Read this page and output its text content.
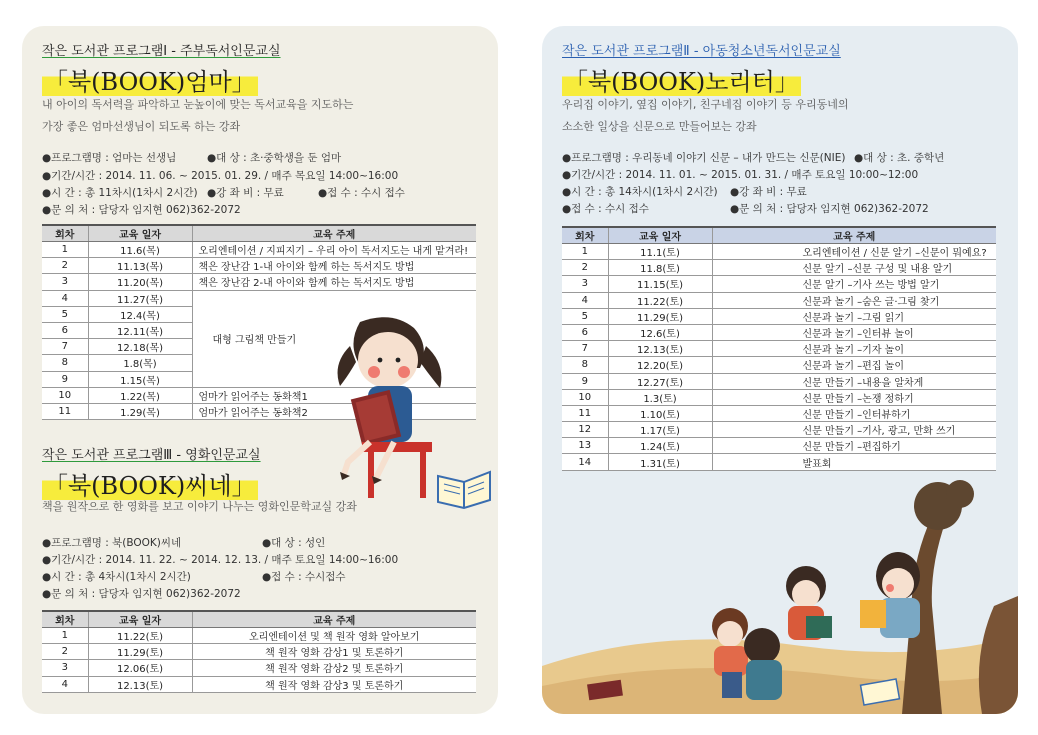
작은 도서관 프로그램Ⅰ - 주부독서인문교실
「북(BOOK)엄마」
내 아이의 독서력을 파악하고 눈높이에 맞는 독서교육을 지도하는
가장 좋은 엄마선생님이 되도록 하는 강좌
●프로그램명 : 엄마는 선생님	●대 상 : 초·중학생을 둔 엄마
●기간/시간 : 2014. 11. 06. ~ 2015. 01. 29. / 매주 목요일 14:00~16:00
●시 간 : 총 11차시(1차시 2시간) ●강 좌 비 : 무료	●접 수 : 수시 접수
●문 의 처 : 담당자 임지현 062)362-2072
회차	교육 일자	교육 주제
1	11.6(목)	오리엔테이션 / 지피지기 – 우리 아이 독서지도는 내게 맡겨라!
2	11.13(목)	책은 장난감 1-내 아이와 함께 하는 독서지도 방법
3	11.20(목)	책은 장난감 2-내 아이와 함께 하는 독서지도 방법
4	11.27(목)	대형 그림책 만들기
5	12.4(목)	
6	12.11(목)	
7	12.18(목)	
8	1.8(목)	
9	1.15(목)	
10	1.22(목)	엄마가 읽어주는 동화책1
11	1.29(목)	엄마가 읽어주는 동화책2
작은 도서관 프로그램Ⅲ - 영화인문교실
「북(BOOK)씨네」
책을 원작으로 한 영화를 보고 이야기 나누는 영화인문학교실 강좌
●프로그램명 : 북(BOOK)씨네	●대 상 : 성인
●기간/시간 : 2014. 11. 22. ~ 2014. 12. 13. / 매주 토요일 14:00~16:00
●시 간 : 총 4차시(1차시 2시간)	●접 수 : 수시접수
●문 의 처 : 담당자 임지현 062)362-2072
회차	교육 일자	교육 주제
1	11.22(토)	오리엔테이션 및 책 원작 영화 알아보기
2	11.29(토)	책 원작 영화 감상1 및 토론하기
3	12.06(토)	책 원작 영화 감상2 및 토론하기
4	12.13(토)	책 원작 영화 감상3 및 토론하기
작은 도서관 프로그램Ⅱ - 아동청소년독서인문교실
「북(BOOK)노리터」
우리집 이야기, 옆집 이야기, 친구네집 이야기 등 우리동네의
소소한 일상을 신문으로 만들어보는 강좌
●프로그램명 : 우리동네 이야기 신문 – 내가 만드는 신문(NIE) ●대 상 : 초. 중학년
●기간/시간 : 2014. 11. 01. ~ 2015. 01. 31. / 매주 토요일 10:00~12:00
●시 간 : 총 14차시(1차시 2시간) ●강 좌 비 : 무료
●접 수 : 수시 접수	●문 의 처 : 담당자 임지현 062)362-2072
회차	교육 일자	교육 주제
1	11.1(토)	오리엔테이션 / 신문 알기 –신문이 뭐예요?
2	11.8(토)	신문 알기 –신문 구성 및 내용 알기
3	11.15(토)	신문 알기 –기사 쓰는 방법 알기
4	11.22(토)	신문과 놀기 –숨은 글·그림 찾기
5	11.29(토)	신문과 놀기 –그림 읽기
6	12.6(토)	신문과 놀기 –인터뷰 놀이
7	12.13(토)	신문과 놀기 –기자 놀이
8	12.20(토)	신문과 놀기 –편집 놀이
9	12.27(토)	신문 만들기 –내용을 알차게
10	1.3(토)	신문 만들기 –논쟁 정하기
11	1.10(토)	신문 만들기 –인터뷰하기
12	1.17(토)	신문 만들기 –기사, 광고, 만화 쓰기
13	1.24(토)	신문 만들기 –편집하기
14	1.31(토)	발표회
